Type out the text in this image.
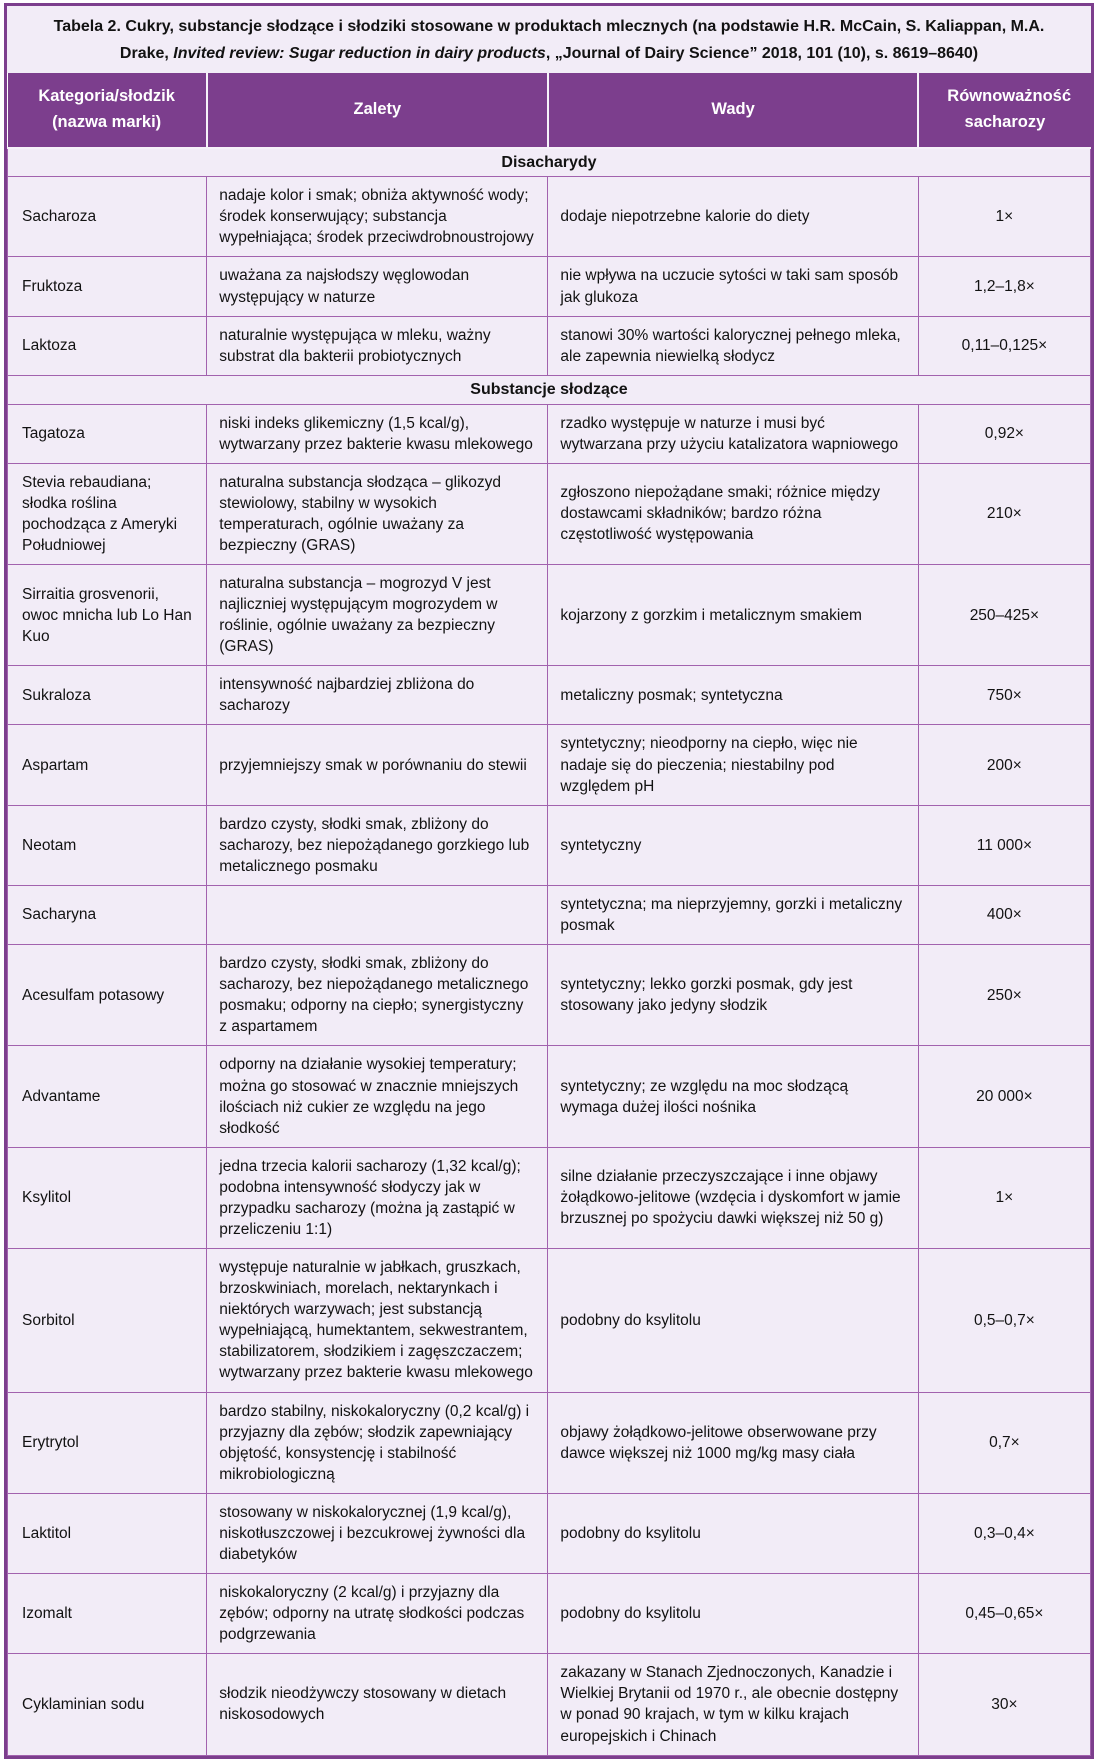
Tabela 2. Cukry, substancje słodzące i słodziki stosowane w produktach mlecznych (na podstawie H.R. McCain, S. Kaliappan, M.A. Drake, Invited review: Sugar reduction in dairy products, „Journal of Dairy Science” 2018, 101 (10), s. 8619–8640)
Kategoria/słodzik (nazwa marki)	Zalety	Wady	Równoważność sacharozy
Disacharydy			
Sacharoza	nadaje kolor i smak; obniża aktywność wody; środek konserwujący; substancja wypełniająca; środek przeciwdrobnoustrojowy	dodaje niepotrzebne kalorie do diety	1×
Fruktoza	uważana za najsłodszy węglowodan występujący w naturze	nie wpływa na uczucie sytości w taki sam sposób jak glukoza	1,2–1,8×
Laktoza	naturalnie występująca w mleku, ważny substrat dla bakterii probiotycznych	stanowi 30% wartości kalorycznej pełnego mleka, ale zapewnia niewielką słodycz	0,11–0,125×
Substancje słodzące			
Tagatoza	niski indeks glikemiczny (1,5 kcal/g), wytwarzany przez bakterie kwasu mlekowego	rzadko występuje w naturze i musi być wytwarzana przy użyciu katalizatora wapniowego	0,92×
Stevia rebaudiana; słodka roślina pochodząca z Ameryki Południowej	naturalna substancja słodząca – glikozyd stewiolowy, stabilny w wysokich temperaturach, ogólnie uważany za bezpieczny (GRAS)	zgłoszono niepożądane smaki; różnice między dostawcami składników; bardzo różna częstotliwość występowania	210×
Sirraitia grosvenorii, owoc mnicha lub Lo Han Kuo	naturalna substancja – mogrozyd V jest najliczniej występującym mogrozydem w roślinie, ogólnie uważany za bezpieczny (GRAS)	kojarzony z gorzkim i metalicznym smakiem	250–425×
Sukraloza	intensywność najbardziej zbliżona do sacharozy	metaliczny posmak; syntetyczna	750×
Aspartam	przyjemniejszy smak w porównaniu do stewii	syntetyczny; nieodporny na ciepło, więc nie nadaje się do pieczenia; niestabilny pod względem pH	200×
Neotam	bardzo czysty, słodki smak, zbliżony do sacharozy, bez niepożądanego gorzkiego lub metalicznego posmaku	syntetyczny	11 000×
Sacharyna		syntetyczna; ma nieprzyjemny, gorzki i metaliczny posmak	400×
Acesulfam potasowy	bardzo czysty, słodki smak, zbliżony do sacharozy, bez niepożądanego metalicznego posmaku; odporny na ciepło; synergistyczny z aspartamem	syntetyczny; lekko gorzki posmak, gdy jest stosowany jako jedyny słodzik	250×
Advantame	odporny na działanie wysokiej temperatury; można go stosować w znacznie mniejszych ilościach niż cukier ze względu na jego słodkość	syntetyczny; ze względu na moc słodzącą wymaga dużej ilości nośnika	20 000×
Ksylitol	jedna trzecia kalorii sacharozy (1,32 kcal/g); podobna intensywność słodyczy jak w przypadku sacharozy (można ją zastąpić w przeliczeniu 1:1)	silne działanie przeczyszczające i inne objawy żołądkowo-jelitowe (wzdęcia i dyskomfort w jamie brzusznej po spożyciu dawki większej niż 50 g)	1×
Sorbitol	występuje naturalnie w jabłkach, gruszkach, brzoskwiniach, morelach, nektarynkach i niektórych warzywach; jest substancją wypełniającą, humektantem, sekwestrantem, stabilizatorem, słodzikiem i zagęszczaczem; wytwarzany przez bakterie kwasu mlekowego	podobny do ksylitolu	0,5–0,7×
Erytrytol	bardzo stabilny, niskokaloryczny (0,2 kcal/g) i przyjazny dla zębów; słodzik zapewniający objętość, konsystencję i stabilność mikrobiologiczną	objawy żołądkowo-jelitowe obserwowane przy dawce większej niż 1000 mg/kg masy ciała	0,7×
Laktitol	stosowany w niskokalorycznej (1,9 kcal/g), niskotłuszczowej i bezcukrowej żywności dla diabetyków	podobny do ksylitolu	0,3–0,4×
Izomalt	niskokaloryczny (2 kcal/g) i przyjazny dla zębów; odporny na utratę słodkości podczas podgrzewania	podobny do ksylitolu	0,45–0,65×
Cyklaminian sodu	słodzik nieodżywczy stosowany w dietach niskosodowych	zakazany w Stanach Zjednoczonych, Kanadzie i Wielkiej Brytanii od 1970 r., ale obecnie dostępny w ponad 90 krajach, w tym w kilku krajach europejskich i Chinach	30×
